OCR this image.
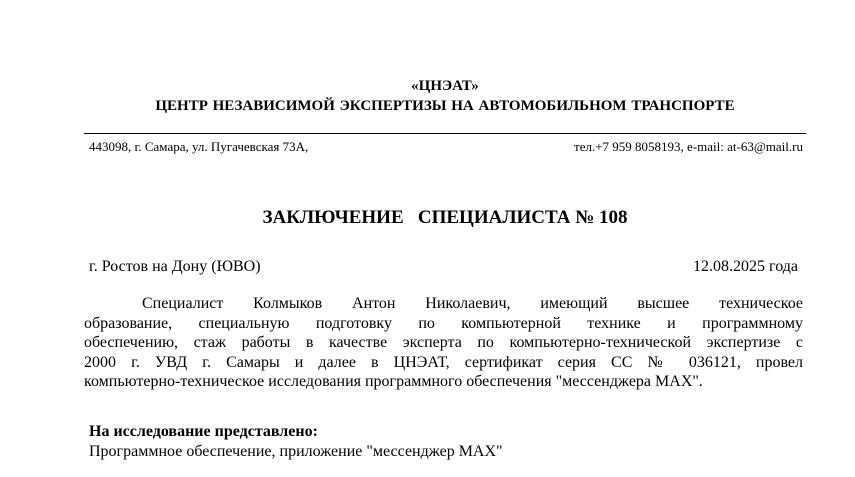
«ЦНЭАТ»
ЦЕНТР НЕЗАВИСИМОЙ ЭКСПЕРТИЗЫ НА АВТОМОБИЛЬНОМ ТРАНСПОРТЕ
443098, г. Самара, ул. Пугачевская 73А,	тел.+7 959 8058193, e-mail: at-63@mail.ru
ЗАКЛЮЧЕНИЕ   СПЕЦИАЛИСТА № 108
г. Ростов на Дону (ЮВО)	12.08.2025 года
Специалист Колмыков Антон Николаевич, имеющий высшее техническое
образование, специальную подготовку по компьютерной технике и программному
обеспечению, стаж работы в качестве эксперта по компьютерно-технической экспертизе с
2000 г. УВД г. Самары и далее в ЦНЭАТ, сертификат серия СС № 036121, провел
компьютерно-техническое исследования программного обеспечения "мессенджера MAX".
На исследование представлено:
Программное обеспечение, приложение "мессенджер MAX"
